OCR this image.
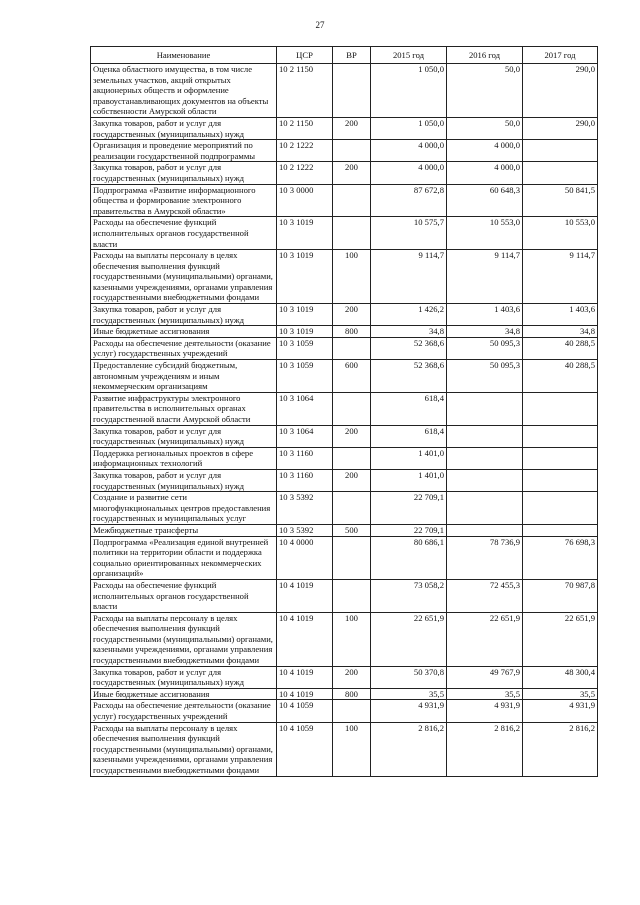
27
Наименование	ЦСР	ВР	2015 год	2016 год	2017 год
Оценка областного имущества, в том числе земельных участков, акций открытых акционерных обществ и оформление правоустанавливающих документов на объекты собственности Амурской области	10 2 1150		1 050,0	50,0	290,0
Закупка товаров, работ и услуг для государственных (муниципальных) нужд	10 2 1150	200	1 050,0	50,0	290,0
Организация и проведение мероприятий по реализации государственной подпрограммы	10 2 1222		4 000,0	4 000,0	
Закупка товаров, работ и услуг для государственных (муниципальных) нужд	10 2 1222	200	4 000,0	4 000,0	
Подпрограмма «Развитие информационного общества и формирование электронного правительства в Амурской области»	10 3 0000		87 672,8	60 648,3	50 841,5
Расходы на обеспечение функций исполнительных органов государственной власти	10 3 1019		10 575,7	10 553,0	10 553,0
Расходы на выплаты персоналу в целях обеспечения выполнения функций государственными (муниципальными) органами, казенными учреждениями, органами управления государственными внебюджетными фондами	10 3 1019	100	9 114,7	9 114,7	9 114,7
Закупка товаров, работ и услуг для государственных (муниципальных) нужд	10 3 1019	200	1 426,2	1 403,6	1 403,6
Иные бюджетные ассигнования	10 3 1019	800	34,8	34,8	34,8
Расходы на обеспечение деятельности (оказание услуг) государственных учреждений	10 3 1059		52 368,6	50 095,3	40 288,5
Предоставление субсидий бюджетным, автономным учреждениям и иным некоммерческим организациям	10 3 1059	600	52 368,6	50 095,3	40 288,5
Развитие инфраструктуры электронного правительства в исполнительных органах государственной власти Амурской области	10 3 1064		618,4		
Закупка товаров, работ и услуг для государственных (муниципальных) нужд	10 3 1064	200	618,4		
Поддержка региональных проектов в сфере информационных технологий	10 3 1160		1 401,0		
Закупка товаров, работ и услуг для государственных (муниципальных) нужд	10 3 1160	200	1 401,0		
Создание и развитие сети многофункциональных центров предоставления государственных и муниципальных услуг	10 3 5392		22 709,1		
Межбюджетные трансферты	10 3 5392	500	22 709,1		
Подпрограмма «Реализация единой внутренней политики на территории области и поддержка социально ориентированных некоммерческих организаций»	10 4 0000		80 686,1	78 736,9	76 698,3
Расходы на обеспечение функций исполнительных органов государственной власти	10 4 1019		73 058,2	72 455,3	70 987,8
Расходы на выплаты персоналу в целях обеспечения выполнения функций государственными (муниципальными) органами, казенными учреждениями, органами управления государственными внебюджетными фондами	10 4 1019	100	22 651,9	22 651,9	22 651,9
Закупка товаров, работ и услуг для государственных (муниципальных) нужд	10 4 1019	200	50 370,8	49 767,9	48 300,4
Иные бюджетные ассигнования	10 4 1019	800	35,5	35,5	35,5
Расходы на обеспечение деятельности (оказание услуг) государственных учреждений	10 4 1059		4 931,9	4 931,9	4 931,9
Расходы на выплаты персоналу в целях обеспечения выполнения функций государственными (муниципальными) органами, казенными учреждениями, органами управления государственными внебюджетными фондами	10 4 1059	100	2 816,2	2 816,2	2 816,2
